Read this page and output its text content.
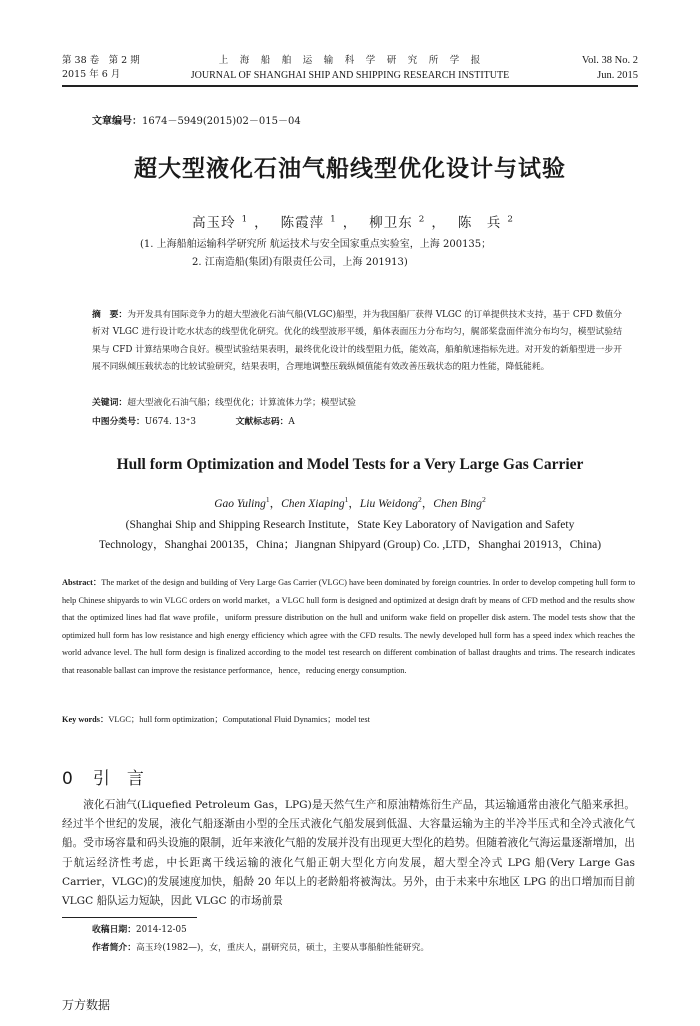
第 38 卷　第 2 期
2015 年 6 月
上　海　船　舶　运　输　科　学　研　究　所　学　报
JOURNAL OF SHANGHAI SHIP AND SHIPPING RESEARCH INSTITUTE
Vol. 38 No. 2
Jun. 2015
文章编号：1674－5949(2015)02－015－04
超大型液化石油气船线型优化设计与试验
高玉玲 $^1$ ， 陈霞萍 $^1$ ， 柳卫东 $^2$ ， 陈　兵 $^2$
(1. 上海船舶运输科学研究所 航运技术与安全国家重点实验室，上海 200135；
2. 江南造船(集团)有限责任公司，上海 201913)
摘　要：为开发具有国际竞争力的超大型液化石油气船(VLGC)船型，并为我国船厂获得 VLGC 的订单提供技术支持，基于 CFD 数值分析对 VLGC 进行设计吃水状态的线型优化研究。优化的线型波形平缓，船体表面压力分布均匀，艉部桨盘面伴流分布均匀，模型试验结果与 CFD 计算结果吻合良好。模型试验结果表明，最终优化设计的线型阻力低，能效高，船舶航速指标先进。对开发的新船型进一步开展不同纵倾压载状态的比较试验研究，结果表明，合理地调整压载纵倾值能有效改善压载状态的阻力性能，降低能耗。
关键词：超大型液化石油气船；线型优化；计算流体力学；模型试验
中图分类号：U674. 13⁺3	文献标志码：A
Hull form Optimization and Model Tests for a Very Large Gas Carrier
Gao Yuling$^1$，Chen Xiaping$^1$，Liu Weidong$^2$，Chen Bing$^2$
(Shanghai Ship and Shipping Research Institute，State Key Laboratory of Navigation and Safety
Technology，Shanghai 200135，China；Jiangnan Shipyard (Group) Co. ,LTD，Shanghai 201913，China)
Abstract：The market of the design and building of Very Large Gas Carrier (VLGC) have been dominated by foreign countries. In order to develop competing hull form to help Chinese shipyards to win VLGC orders on world market，a VLGC hull form is designed and optimized at design draft by means of CFD method and the results show that the optimized lines had flat wave profile，uniform pressure distribution on the hull and uniform wake field on propeller disk astern. The model tests show that the optimized hull form has low resistance and high energy efficiency which agree with the CFD results. The newly developed hull form has a speed index which reaches the world advance level. The hull form design is finalized according to the model test research on different combination of ballast draughts and trims. The research indicates that reasonable ballast can improve the resistance performance，hence，reducing energy consumption.
Key words：VLGC；hull form optimization；Computational Fluid Dynamics；model test
0 引　言
液化石油气(Liquefied Petroleum Gas，LPG)是天然气生产和原油精炼衍生产品，其运输通常由液化气船来承担。经过半个世纪的发展，液化气船逐渐由小型的全压式液化气船发展到低温、大容量运输为主的半冷半压式和全冷式液化气船。受市场容量和码头设施的限制，近年来液化气船的发展并没有出现更大型化的趋势。但随着液化气海运量逐渐增加，出于航运经济性考虑，中长距离干线运输的液化气船正朝大型化方向发展，超大型全冷式 LPG 船(Very Large Gas Carrier，VLGC)的发展速度加快，船龄 20 年以上的老龄船将被淘汰。另外，由于未来中东地区 LPG 的出口增加而目前 VLGC 船队运力短缺，因此 VLGC 的市场前景
收稿日期：2014-12-05
作者简介：高玉玲(1982—)，女，重庆人，副研究员，硕士，主要从事船舶性能研究。
万方数据
